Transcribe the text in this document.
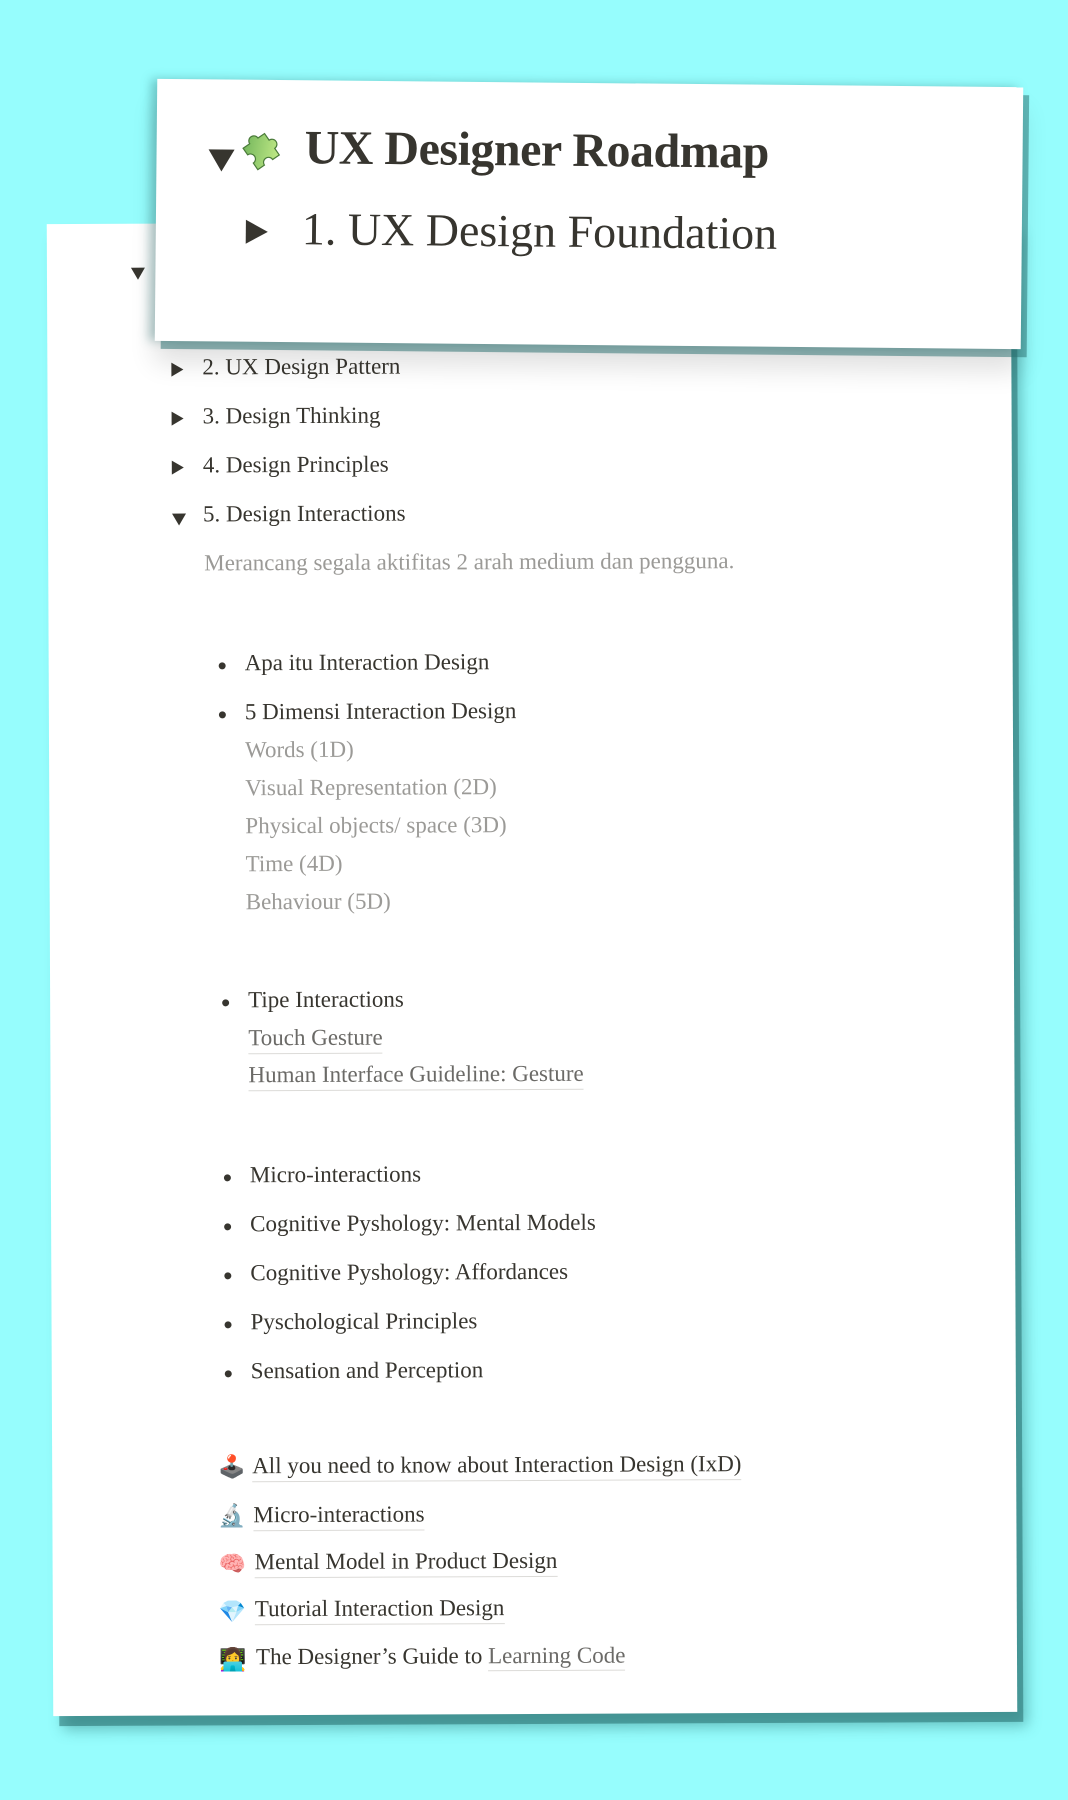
2. UX Design Pattern
3. Design Thinking
4. Design Principles
5. Design Interactions
Merancang segala aktifitas 2 arah medium dan pengguna.
Apa itu Interaction Design
5 Dimensi Interaction Design
Words (1D)
Visual Representation (2D)
Physical objects/ space (3D)
Time (4D)
Behaviour (5D)
Tipe Interactions
Touch Gesture
Human Interface Guideline: Gesture
Micro-interactions
Cognitive Pyshology: Mental Models
Cognitive Pyshology: Affordances
Pyschological Principles
Sensation and Perception
🕹️ All you need to know about Interaction Design (IxD)
🔬 Micro-interactions
🧠 Mental Model in Product Design
💎 Tutorial Interaction Design
👩‍💻 The Designer’s Guide to Learning Code
UX Designer Roadmap
1. UX Design Foundation
